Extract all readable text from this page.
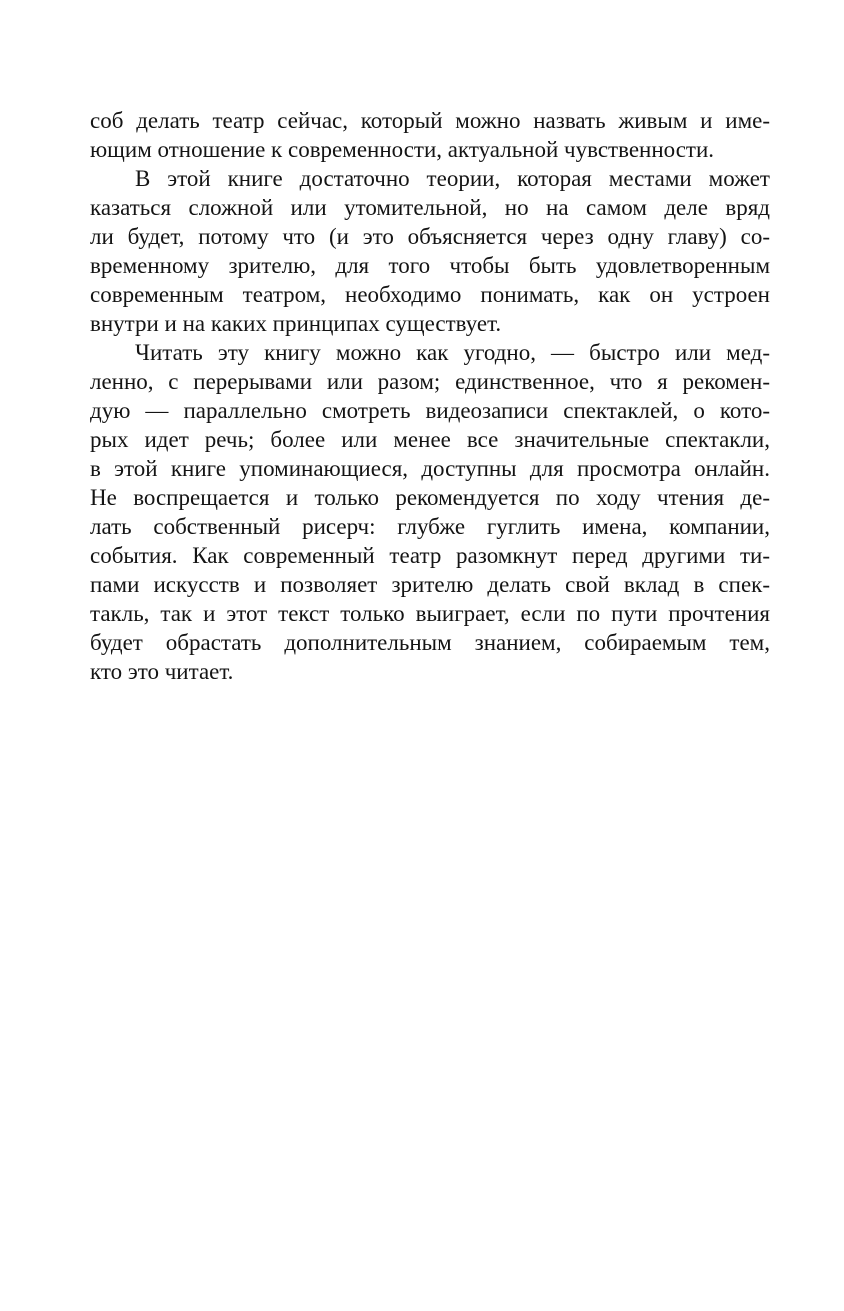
соб делать театр сейчас, который можно назвать живым и име-
ющим отношение к современности, актуальной чувственности.
В этой книге достаточно теории, которая местами может
казаться сложной или утомительной, но на самом деле вряд
ли будет, потому что (и это объясняется через одну главу) со-
временному зрителю, для того чтобы быть удовлетворенным
современным театром, необходимо понимать, как он устроен
внутри и на каких принципах существует.
Читать эту книгу можно как угодно, — быстро или мед-
ленно, с перерывами или разом; единственное, что я рекомен-
дую — параллельно смотреть видеозаписи спектаклей, о кото-
рых идет речь; более или менее все значительные спектакли,
в этой книге упоминающиеся, доступны для просмотра онлайн.
Не воспрещается и только рекомендуется по ходу чтения де-
лать собственный рисерч: глубже гуглить имена, компании,
события. Как современный театр разомкнут перед другими ти-
пами искусств и позволяет зрителю делать свой вклад в спек-
такль, так и этот текст только выиграет, если по пути прочтения
будет обрастать дополнительным знанием, собираемым тем,
кто это читает.
